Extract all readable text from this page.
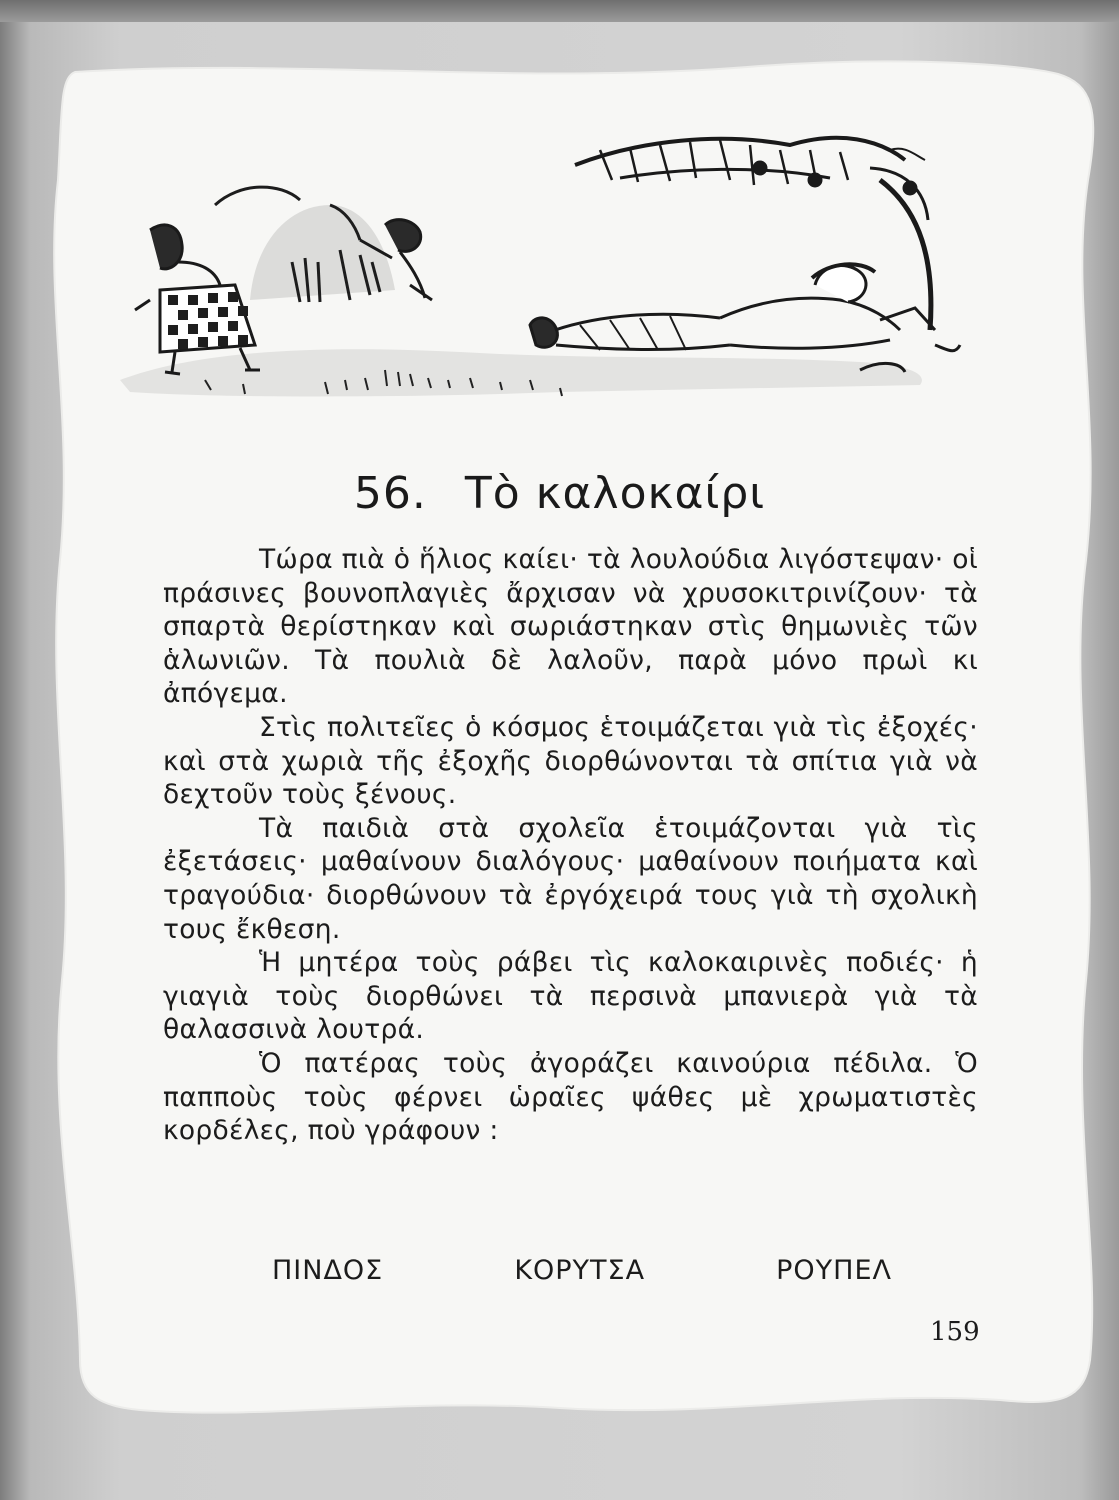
56. Τὸ καλοκαίρι

Τώρα πιὰ ὁ ἥλιος καίει· τὰ λουλούδια λιγόστεψαν· οἱ πράσινες βουνοπλαγιὲς ἄρχισαν νὰ χρυσοκιτρινίζουν· τὰ σπαρτὰ θερίστηκαν καὶ σωριάστηκαν στὶς θημωνιὲς τῶν ἁλωνιῶν. Τὰ πουλιὰ δὲ λαλοῦν, παρὰ μόνο πρωὶ κι ἀπόγεμα.

Στὶς πολιτεῖες ὁ κόσμος ἑτοιμάζεται γιὰ τὶς ἐξοχές· καὶ στὰ χωριὰ τῆς ἐξοχῆς διορθώνονται τὰ σπίτια γιὰ νὰ δεχτοῦν τοὺς ξένους.

Τὰ παιδιὰ στὰ σχολεῖα ἑτοιμάζονται γιὰ τὶς ἐξετάσεις· μαθαίνουν διαλόγους· μαθαίνουν ποιήματα καὶ τραγούδια· διορθώνουν τὰ ἐργόχειρά τους γιὰ τὴ σχολικὴ τους ἔκθεση.

Ἡ μητέρα τοὺς ράβει τὶς καλοκαιρινὲς ποδιές· ἡ γιαγιὰ τοὺς διορθώνει τὰ περσινὰ μπανιερὰ γιὰ τὰ θαλασσινὰ λουτρά.

Ὁ πατέρας τοὺς ἀγοράζει καινούρια πέδιλα. Ὁ παπποὺς τοὺς φέρνει ὡραῖες ψάθες μὲ χρωματιστὲς κορδέλες, ποὺ γράφουν :

ΠΙΝΔΟΣ	ΚΟΡΥΤΣΑ	ΡΟΥΠΕΛ
159
